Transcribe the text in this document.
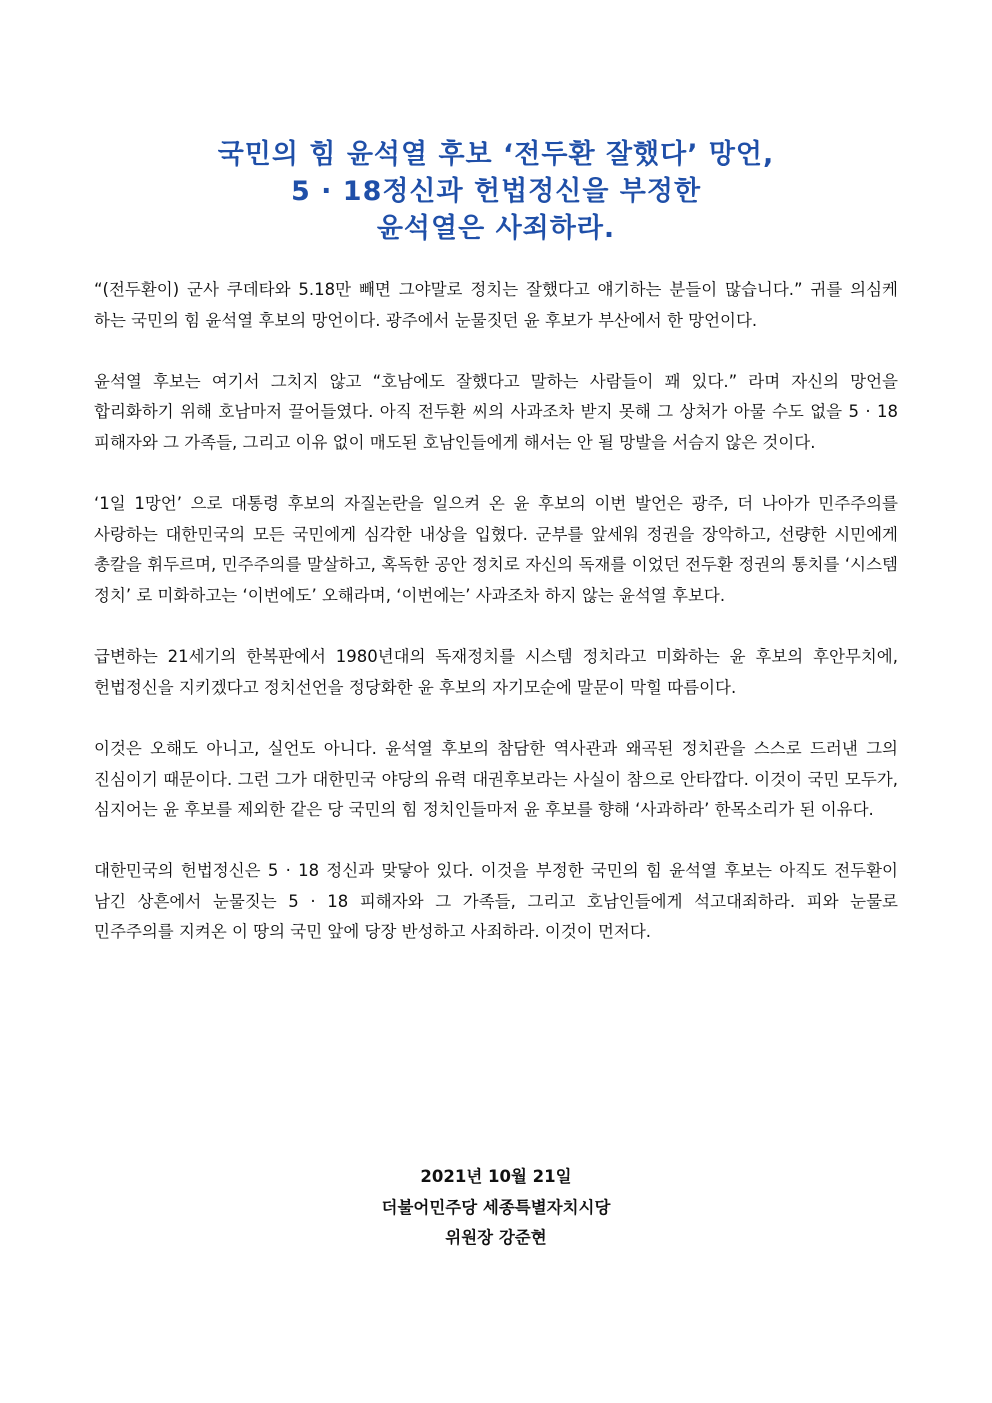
국민의 힘 윤석열 후보 ‘전두환 잘했다’ 망언,
5 · 18정신과 헌법정신을 부정한
윤석열은 사죄하라.

“(전두환이) 군사 쿠데타와 5.18만 빼면 그야말로 정치는 잘했다고 얘기하는 분들이 많습니다.” 귀를 의심케 하는 국민의 힘 윤석열 후보의 망언이다. 광주에서 눈물짓던 윤 후보가 부산에서 한 망언이다.

윤석열 후보는 여기서 그치지 않고 “호남에도 잘했다고 말하는 사람들이 꽤 있다.” 라며 자신의 망언을 합리화하기 위해 호남마저 끌어들였다. 아직 전두환 씨의 사과조차 받지 못해 그 상처가 아물 수도 없을 5 · 18 피해자와 그 가족들, 그리고 이유 없이 매도된 호남인들에게 해서는 안 될 망발을 서슴지 않은 것이다.

‘1일 1망언’ 으로 대통령 후보의 자질논란을 일으켜 온 윤 후보의 이번 발언은 광주, 더 나아가 민주주의를 사랑하는 대한민국의 모든 국민에게 심각한 내상을 입혔다. 군부를 앞세워 정권을 장악하고, 선량한 시민에게 총칼을 휘두르며, 민주주의를 말살하고, 혹독한 공안 정치로 자신의 독재를 이었던 전두환 정권의 통치를 ‘시스템 정치’ 로 미화하고는 ‘이번에도’ 오해라며, ‘이번에는’ 사과조차 하지 않는 윤석열 후보다.

급변하는 21세기의 한복판에서 1980년대의 독재정치를 시스템 정치라고 미화하는 윤 후보의 후안무치에, 헌법정신을 지키겠다고 정치선언을 정당화한 윤 후보의 자기모순에 말문이 막힐 따름이다.

이것은 오해도 아니고, 실언도 아니다. 윤석열 후보의 참담한 역사관과 왜곡된 정치관을 스스로 드러낸 그의 진심이기 때문이다. 그런 그가 대한민국 야당의 유력 대권후보라는 사실이 참으로 안타깝다. 이것이 국민 모두가, 심지어는 윤 후보를 제외한 같은 당 국민의 힘 정치인들마저 윤 후보를 향해 ‘사과하라’ 한목소리가 된 이유다.

대한민국의 헌법정신은 5 · 18 정신과 맞닿아 있다. 이것을 부정한 국민의 힘 윤석열 후보는 아직도 전두환이 남긴 상흔에서 눈물짓는 5 · 18 피해자와 그 가족들, 그리고 호남인들에게 석고대죄하라. 피와 눈물로 민주주의를 지켜온 이 땅의 국민 앞에 당장 반성하고 사죄하라. 이것이 먼저다.

2021년 10월 21일
더불어민주당 세종특별자치시당
위원장 강준현
